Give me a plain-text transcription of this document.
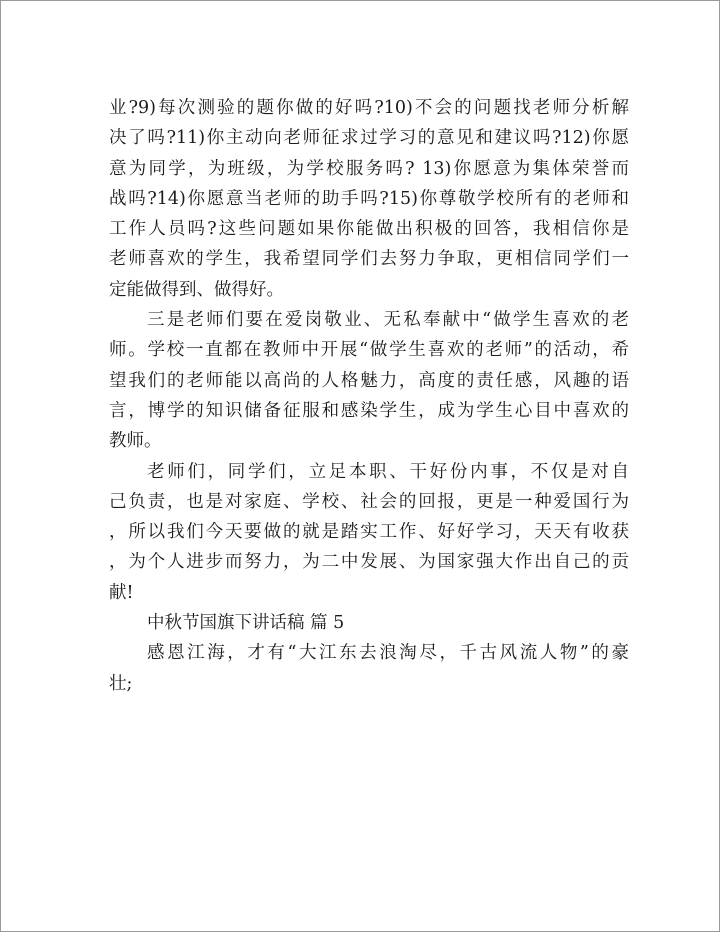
业?9)每次测验的题你做的好吗?10)不会的问题找老师分析解
决了吗?11)你主动向老师征求过学习的意见和建议吗?12)你愿
意为同学，为班级，为学校服务吗? 13)你愿意为集体荣誉而
战吗?14)你愿意当老师的助手吗?15)你尊敬学校所有的老师和
工作人员吗?这些问题如果你能做出积极的回答，我相信你是
老师喜欢的学生，我希望同学们去努力争取，更相信同学们一
定能做得到、做得好。
三是老师们要在爱岗敬业、无私奉献中“做学生喜欢的老
师。学校一直都在教师中开展“做学生喜欢的老师”的活动，希
望我们的老师能以高尚的人格魅力，高度的责任感，风趣的语
言，博学的知识储备征服和感染学生，成为学生心目中喜欢的
教师。
老师们，同学们，立足本职、干好份内事，不仅是对自
己负责，也是对家庭、学校、社会的回报，更是一种爱国行为
，所以我们今天要做的就是踏实工作、好好学习，天天有收获
，为个人进步而努力，为二中发展、为国家强大作出自己的贡
献!
中秋节国旗下讲话稿 篇 5
感恩江海，才有“大江东去浪淘尽，千古风流人物”的豪
壮;
